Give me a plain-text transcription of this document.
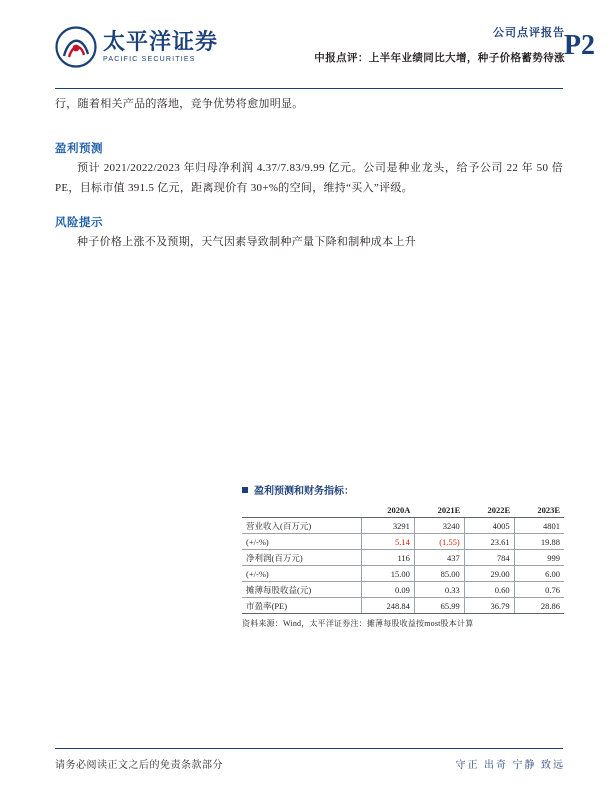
太平洋证券
PACIFIC SECURITIES
公司点评报告
中报点评：上半年业绩同比大增，种子价格蓄势待涨
P2
行，随着相关产品的落地，竞争优势将愈加明显。
盈利预测
预计 2021/2022/2023 年归母净利润 4.37/7.83/9.99 亿元。公司是种业龙头，给予公司 22 年 50 倍 PE，目标市值 391.5 亿元，距离现价有 30+%的空间，维持“买入”评级。
风险提示
种子价格上涨不及预期，天气因素导致制种产量下降和制种成本上升
盈利预测和财务指标：
	2020A	2021E	2022E	2023E
营业收入(百万元)	3291	3240	4005	4801
(+/-%)	5.14	(1.55)	23.61	19.88
净利润(百万元)	116	437	784	999
(+/-%)	15.00	85.00	29.00	6.00
摊薄每股收益(元)	0.09	0.33	0.60	0.76
市盈率(PE)	248.84	65.99	36.79	28.86
资料来源：Wind，太平洋证券注：摊薄每股收益按most股本计算
请务必阅读正文之后的免责条款部分	守正 出奇 宁静 致远
